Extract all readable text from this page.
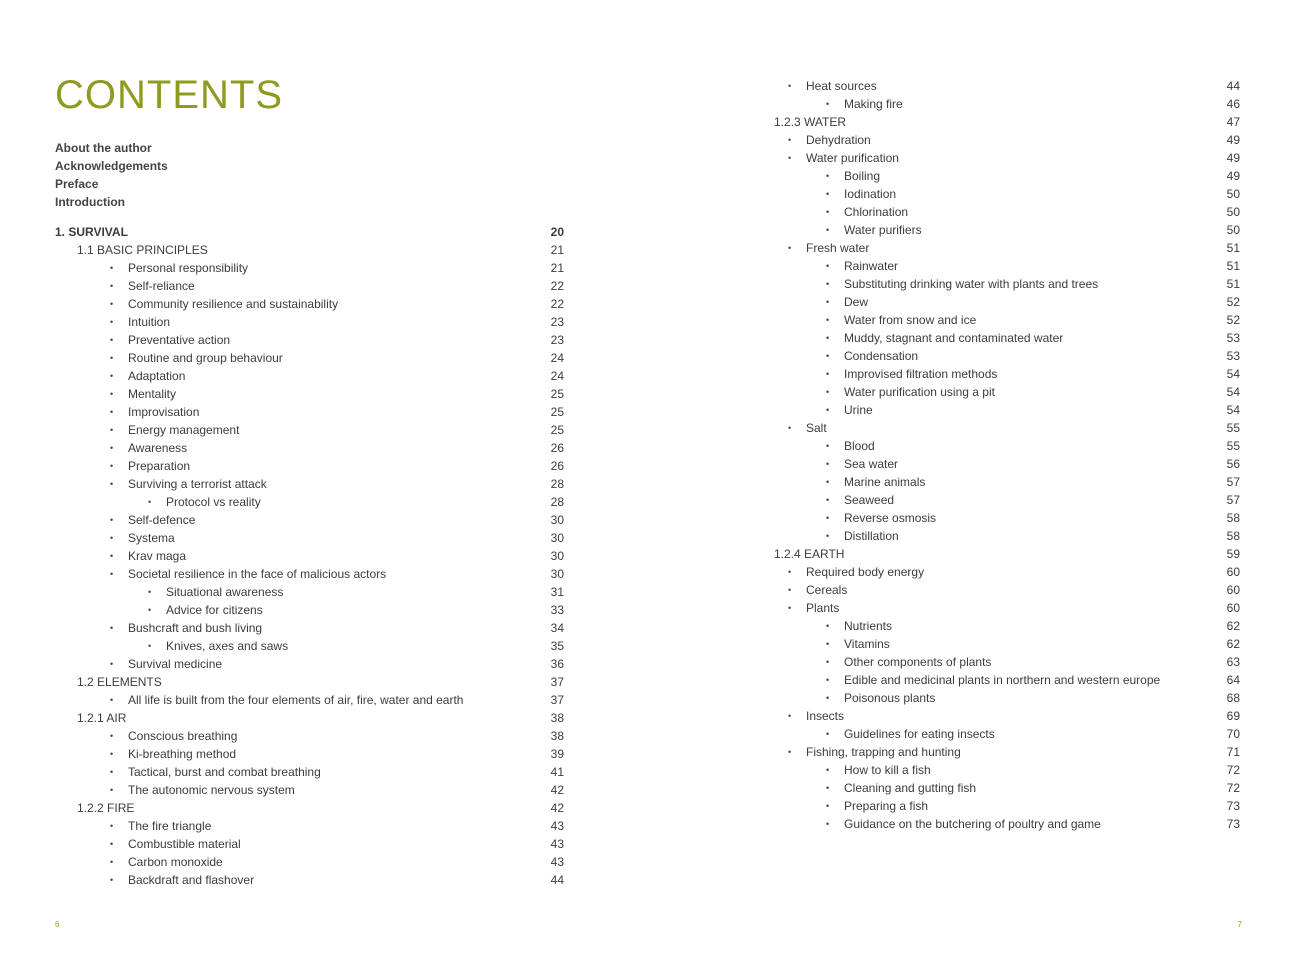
CONTENTS
About the author
Acknowledgements
Preface
Introduction
1. SURVIVAL	20
1.1 BASIC PRINCIPLES	21
•	Personal responsibility	21
•	Self-reliance	22
•	Community resilience and sustainability	22
•	Intuition	23
•	Preventative action	23
•	Routine and group behaviour	24
•	Adaptation	24
•	Mentality	25
•	Improvisation	25
•	Energy management	25
•	Awareness	26
•	Preparation	26
•	Surviving a terrorist attack	28
•	Protocol vs reality	28
•	Self-defence	30
•	Systema	30
•	Krav maga	30
•	Societal resilience in the face of malicious actors	30
•	Situational awareness	31
•	Advice for citizens	33
•	Bushcraft and bush living	34
•	Knives, axes and saws	35
•	Survival medicine	36
1.2 ELEMENTS	37
•	All life is built from the four elements of air, fire, water and earth	37
1.2.1 AIR	38
•	Conscious breathing	38
•	Ki-breathing method	39
•	Tactical, burst and combat breathing	41
•	The autonomic nervous system	42
1.2.2 FIRE	42
•	The fire triangle	43
•	Combustible material	43
•	Carbon monoxide	43
•	Backdraft and flashover	44
6
•	Heat sources	44
•	Making fire	46
1.2.3 WATER	47
•	Dehydration	49
•	Water purification	49
•	Boiling	49
•	Iodination	50
•	Chlorination	50
•	Water purifiers	50
•	Fresh water	51
•	Rainwater	51
•	Substituting drinking water with plants and trees	51
•	Dew	52
•	Water from snow and ice	52
•	Muddy, stagnant and contaminated water	53
•	Condensation	53
•	Improvised filtration methods	54
•	Water purification using a pit	54
•	Urine	54
•	Salt	55
•	Blood	55
•	Sea water	56
•	Marine animals	57
•	Seaweed	57
•	Reverse osmosis	58
•	Distillation	58
1.2.4 EARTH	59
•	Required body energy	60
•	Cereals	60
•	Plants	60
•	Nutrients	62
•	Vitamins	62
•	Other components of plants	63
•	Edible and medicinal plants in northern and western europe	64
•	Poisonous plants	68
•	Insects	69
•	Guidelines for eating insects	70
•	Fishing, trapping and hunting	71
•	How to kill a fish	72
•	Cleaning and gutting fish	72
•	Preparing a fish	73
•	Guidance on the butchering of poultry and game	73
7
